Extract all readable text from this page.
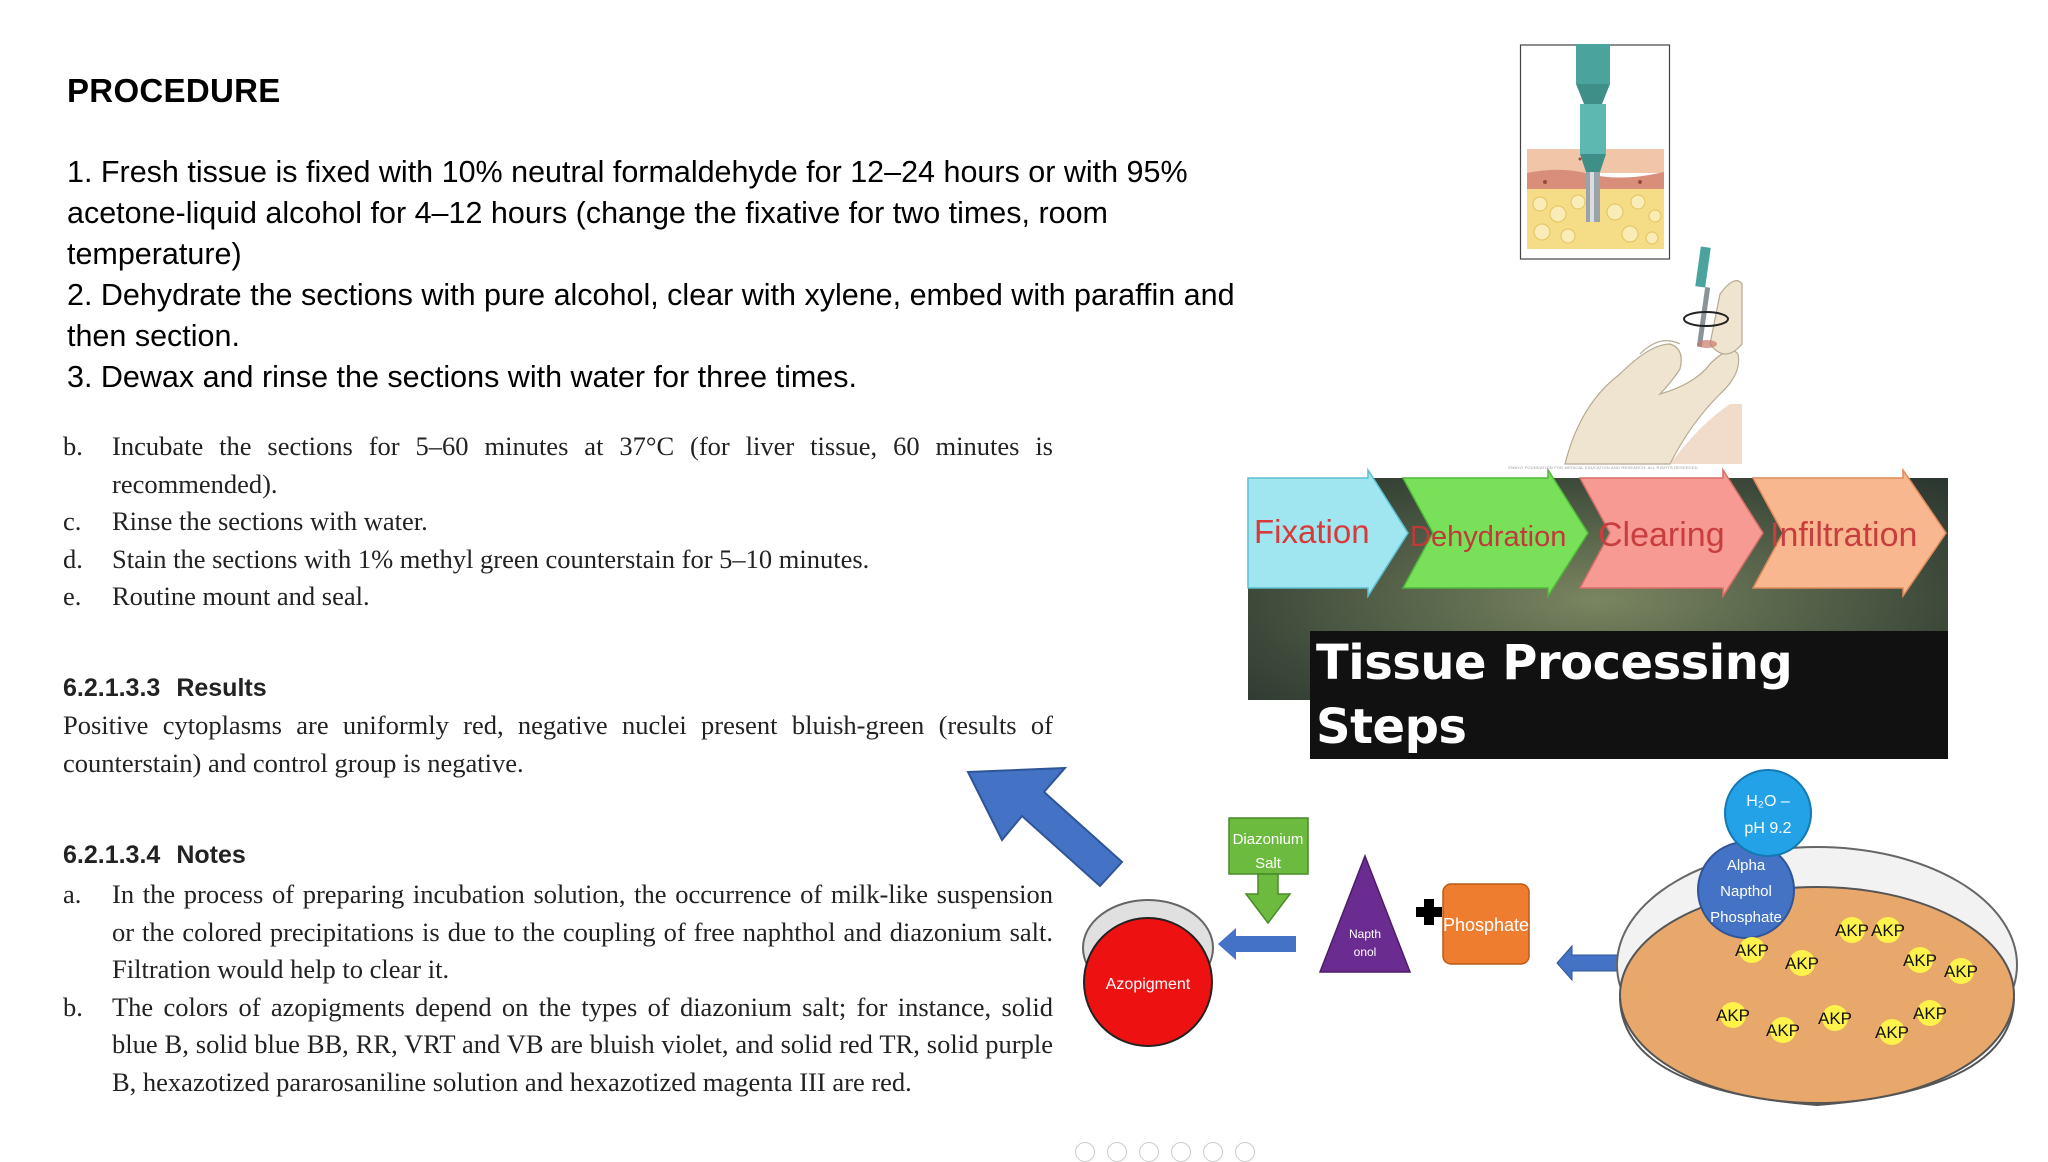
PROCEDURE
1. Fresh tissue is fixed with 10% neutral formaldehyde for 12–24 hours or with 95% acetone-liquid alcohol for 4–12 hours (change the fixative for two times, room temperature)
2. Dehydrate the sections with pure alcohol, clear with xylene, embed with paraffin and then section.
3. Dewax and rinse the sections with water for three times.
b.	Incubate the sections for 5–60 minutes at 37°C (for liver tissue, 60 minutes is recommended).
c.	Rinse the sections with water.
d.	Stain the sections with 1% methyl green counterstain for 5–10 minutes.
e.	Routine mount and seal.
6.2.1.3.3 Results
Positive cytoplasms are uniformly red, negative nuclei present bluish-green (results of counterstain) and control group is negative.
6.2.1.3.4 Notes
a.	In the process of preparing incubation solution, the occurrence of milk-like suspension or the colored precipitations is due to the coupling of free naphthol and diazonium salt. Filtration would help to clear it.
b.	The colors of azopigments depend on the types of diazonium salt; for instance, solid blue B, solid blue BB, RR, VRT and VB are bluish violet, and solid red TR, solid purple B, hexazotized pararosaniline solution and hexazotized magenta III are red.
©MAYO FOUNDATION FOR MEDICAL EDUCATION AND RESEARCH. ALL RIGHTS RESERVED.
Fixation Dehydration Clearing Infiltration
Tissue Processing Steps
Azopigment
Diazonium
Salt
Napth
onol
Phosphate
Alpha
Napthol
Phosphate
H₂O –
pH 9.2
AKP
AKP
AKP AKP
AKP
AKP
AKP
AKP
AKP
AKP
AKP
